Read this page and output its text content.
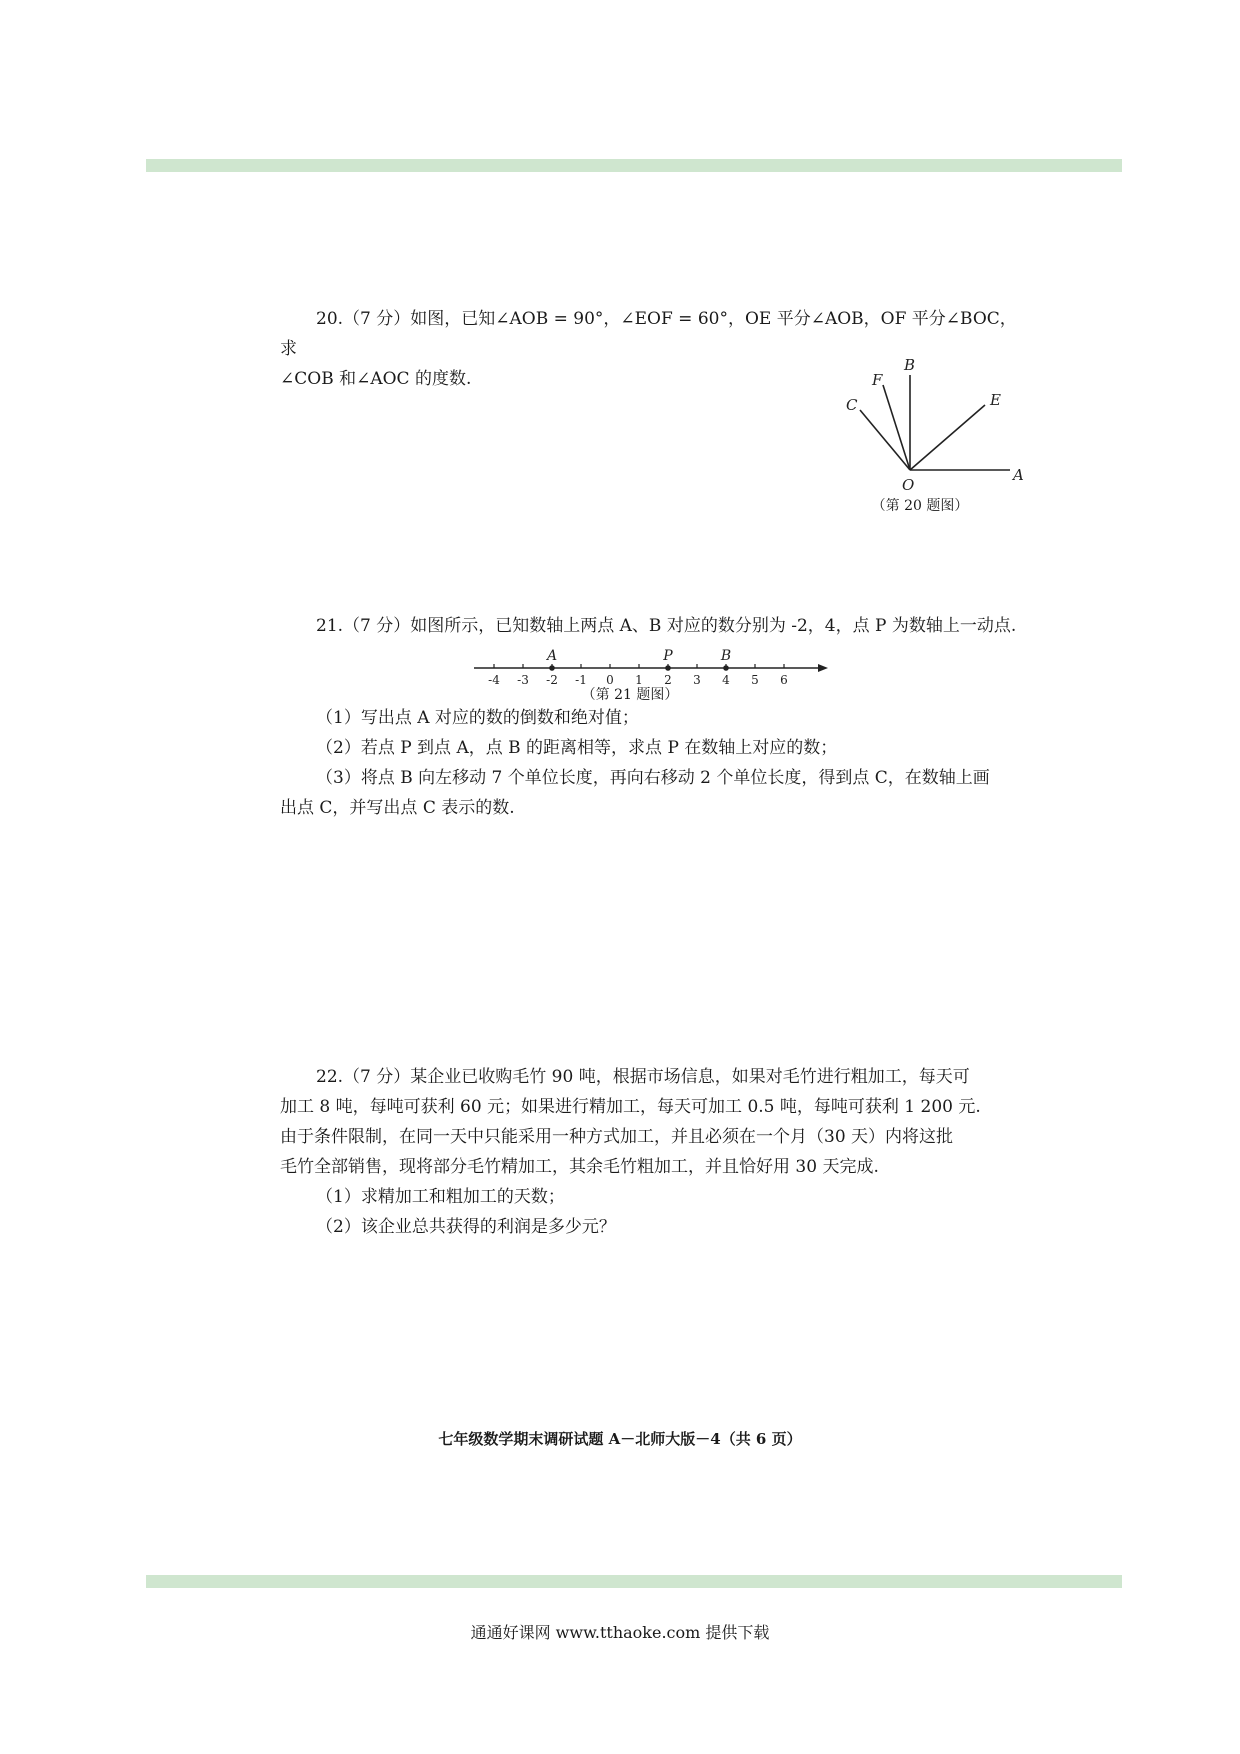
20.（7 分）如图，已知∠AOB = 90°，∠EOF = 60°，OE 平分∠AOB，OF 平分∠BOC，求

∠COB 和∠AOC 的度数.

C
F
B
E
O
A
（第 20 题图）

21.（7 分）如图所示，已知数轴上两点 A、B 对应的数分别为 -2，4，点 P 为数轴上一动点.

-4 -3 -2 -1 0 1 2 3 4 5 6
A	P	B
（第 21 题图）

（1）写出点 A 对应的数的倒数和绝对值；

（2）若点 P 到点 A，点 B 的距离相等，求点 P 在数轴上对应的数；

（3）将点 B 向左移动 7 个单位长度，再向右移动 2 个单位长度，得到点 C，在数轴上画

出点 C，并写出点 C 表示的数.

22.（7 分）某企业已收购毛竹 90 吨，根据市场信息，如果对毛竹进行粗加工，每天可

加工 8 吨，每吨可获利 60 元；如果进行精加工，每天可加工 0.5 吨，每吨可获利 1 200 元.

由于条件限制，在同一天中只能采用一种方式加工，并且必须在一个月（30 天）内将这批

毛竹全部销售，现将部分毛竹精加工，其余毛竹粗加工，并且恰好用 30 天完成.

（1）求精加工和粗加工的天数；

（2）该企业总共获得的利润是多少元？

七年级数学期末调研试题 A－北师大版－4（共 6 页）
通通好课网 www.tthaoke.com 提供下载
